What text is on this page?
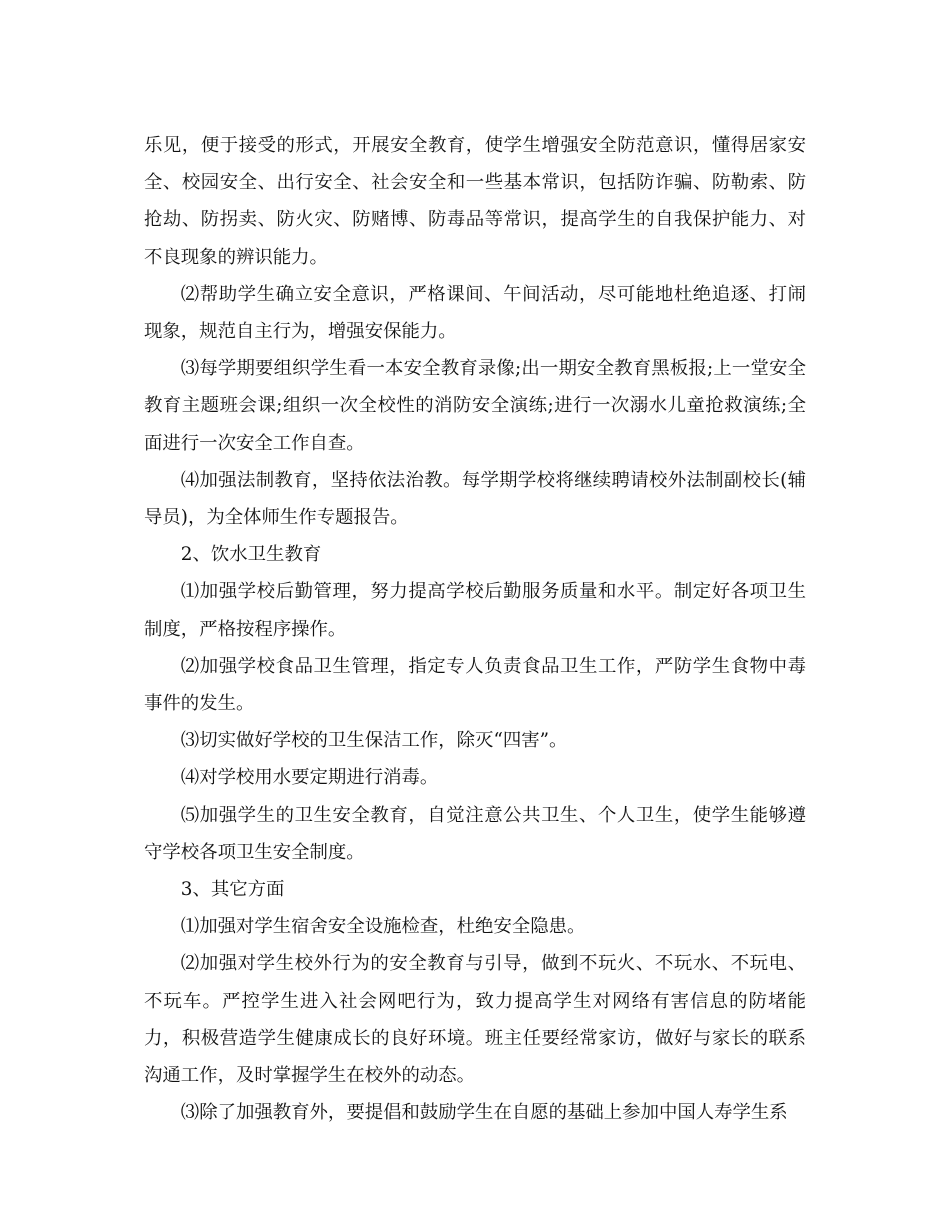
乐见，便于接受的形式，开展安全教育，使学生增强安全防范意识，懂得居家安全、校园安全、出行安全、社会安全和一些基本常识，包括防诈骗、防勒索、防抢劫、防拐卖、防火灾、防赌博、防毒品等常识，提高学生的自我保护能力、对不良现象的辨识能力。

⑵帮助学生确立安全意识，严格课间、午间活动，尽可能地杜绝追逐、打闹现象，规范自主行为，增强安保能力。

⑶每学期要组织学生看一本安全教育录像;出一期安全教育黑板报;上一堂安全教育主题班会课;组织一次全校性的消防安全演练;进行一次溺水儿童抢救演练;全面进行一次安全工作自查。

⑷加强法制教育，坚持依法治教。每学期学校将继续聘请校外法制副校长(辅导员)，为全体师生作专题报告。

2、饮水卫生教育

⑴加强学校后勤管理，努力提高学校后勤服务质量和水平。制定好各项卫生制度，严格按程序操作。

⑵加强学校食品卫生管理，指定专人负责食品卫生工作，严防学生食物中毒事件的发生。

⑶切实做好学校的卫生保洁工作，除灭“四害”。

⑷对学校用水要定期进行消毒。

⑸加强学生的卫生安全教育，自觉注意公共卫生、个人卫生，使学生能够遵守学校各项卫生安全制度。

3、其它方面

⑴加强对学生宿舍安全设施检查，杜绝安全隐患。

⑵加强对学生校外行为的安全教育与引导，做到不玩火、不玩水、不玩电、不玩车。严控学生进入社会网吧行为，致力提高学生对网络有害信息的防堵能力，积极营造学生健康成长的良好环境。班主任要经常家访，做好与家长的联系沟通工作，及时掌握学生在校外的动态。

⑶除了加强教育外，要提倡和鼓励学生在自愿的基础上参加中国人寿学生系
